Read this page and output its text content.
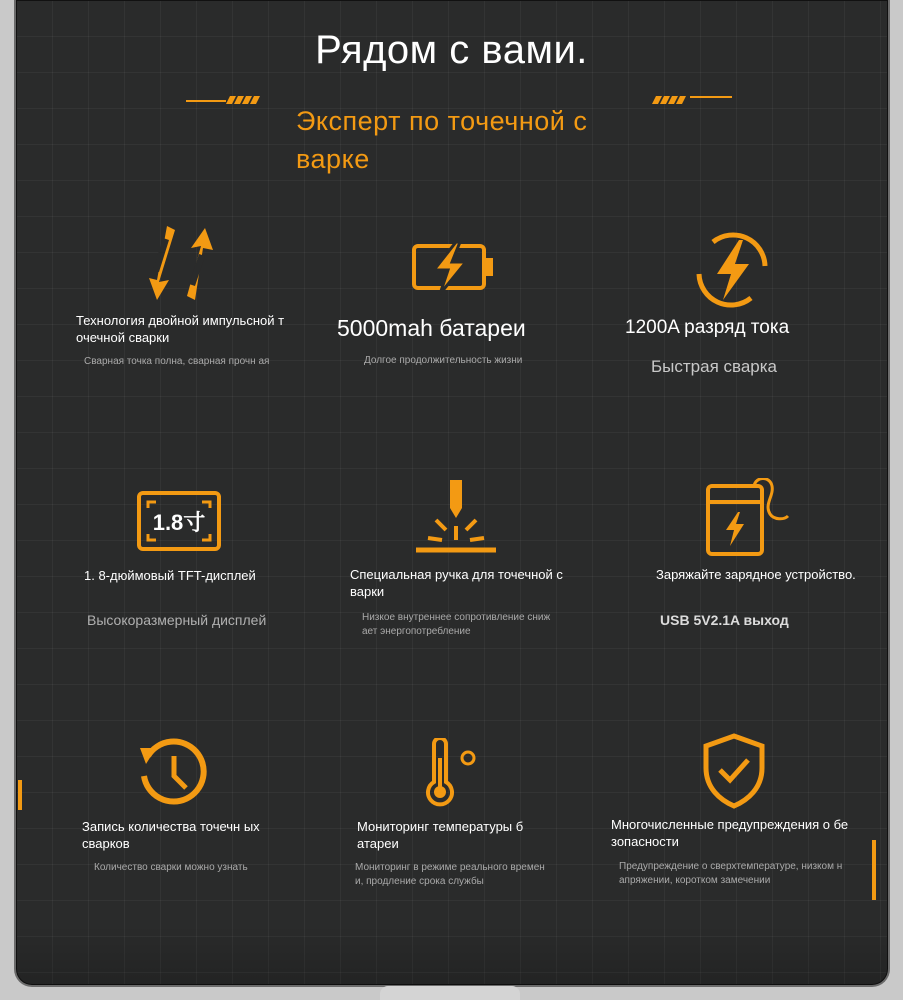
Рядом с вами.
Эксперт по точечной с варке
Технология двойной импульсной т очечной сварки
Сварная точка полна, сварная прочн ая
5000mah батареи
Долгое продолжительность жизни
1200A разряд тока
Быстрая сварка
1.8寸
1. 8-дюймовый TFT-дисплей
Высокоразмерный дисплей
Специальная ручка для точечной с варки
Низкое внутреннее сопротивление сниж ает энергопотребление
Заряжайте зарядное устройство.
USB 5V2.1A выход
Запись количества точечн ых сварков
Количество сварки можно узнать
Мониторинг температуры б атареи
Мониторинг в режиме реального времен и, продление срока службы
Многочисленные предупреждения о бе зопасности
Предупреждение о сверхтемпературе, низком н апряжении, коротком замечении
